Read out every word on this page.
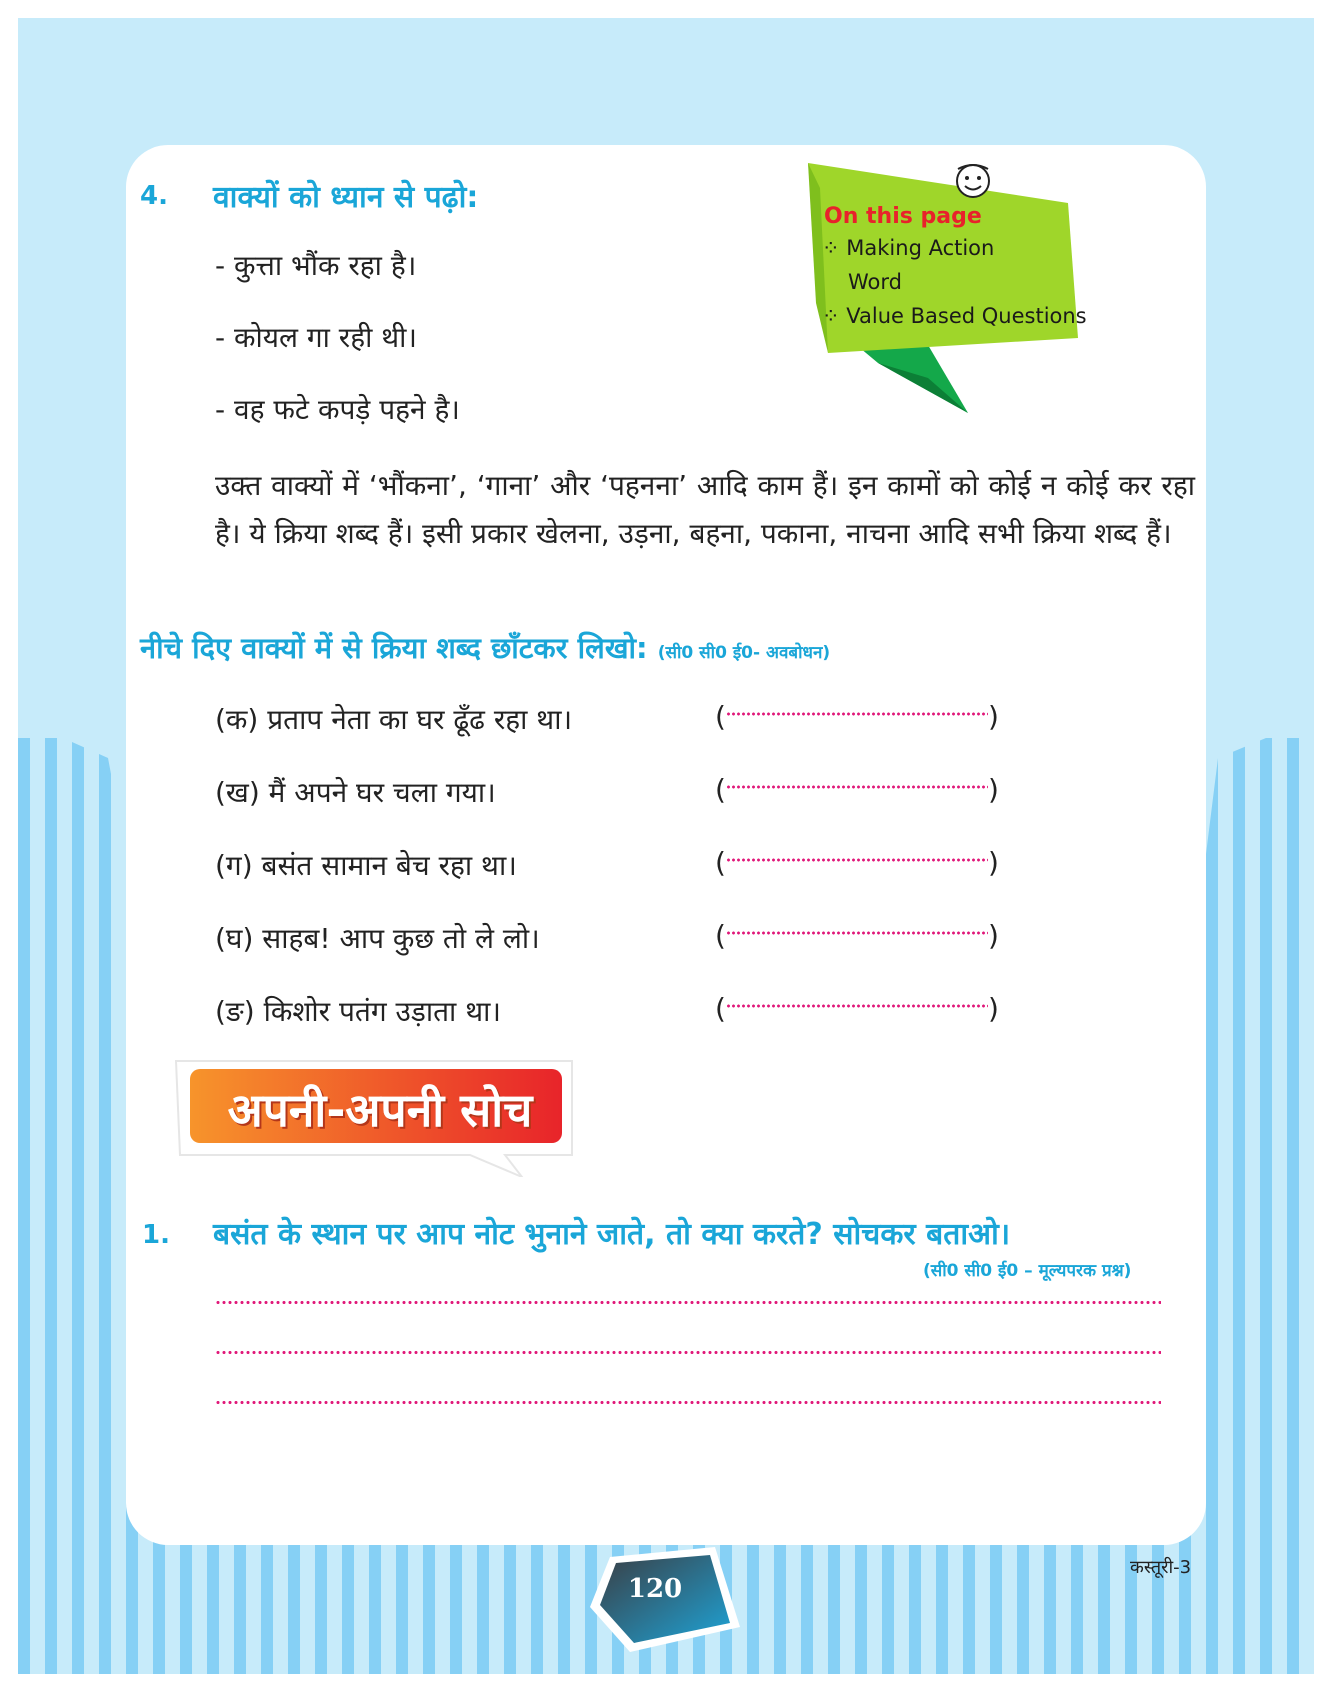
On this page
⁘ Making Action
Word
⁘ Value Based Questions
4. वाक्यों को ध्यान से पढ़ो:
- कुत्ता भौंक रहा है।
- कोयल गा रही थी।
- वह फटे कपड़े पहने है।
उक्त वाक्यों में ‘भौंकना’, ‘गाना’ और ‘पहनना’ आदि काम हैं। इन कामों को कोई न कोई कर रहा है। ये क्रिया शब्द हैं। इसी प्रकार खेलना, उड़ना, बहना, पकाना, नाचना आदि सभी क्रिया शब्द हैं।
नीचे दिए वाक्यों में से क्रिया शब्द छाँटकर लिखो: (सी0 सी0 ई0- अवबोधन)
(क) प्रताप नेता का घर ढूँढ रहा था।	(	)
(ख) मैं अपने घर चला गया।	(	)
(ग) बसंत सामान बेच रहा था।	(	)
(घ) साहब! आप कुछ तो ले लो।	(	)
(ङ) किशोर पतंग उड़ाता था।	(	)
अपनी-अपनी सोच
1. बसंत के स्थान पर आप नोट भुनाने जाते, तो क्या करते? सोचकर बताओ।
(सी0 सी0 ई0 – मूल्यपरक प्रश्न)
120
कस्तूरी-3
